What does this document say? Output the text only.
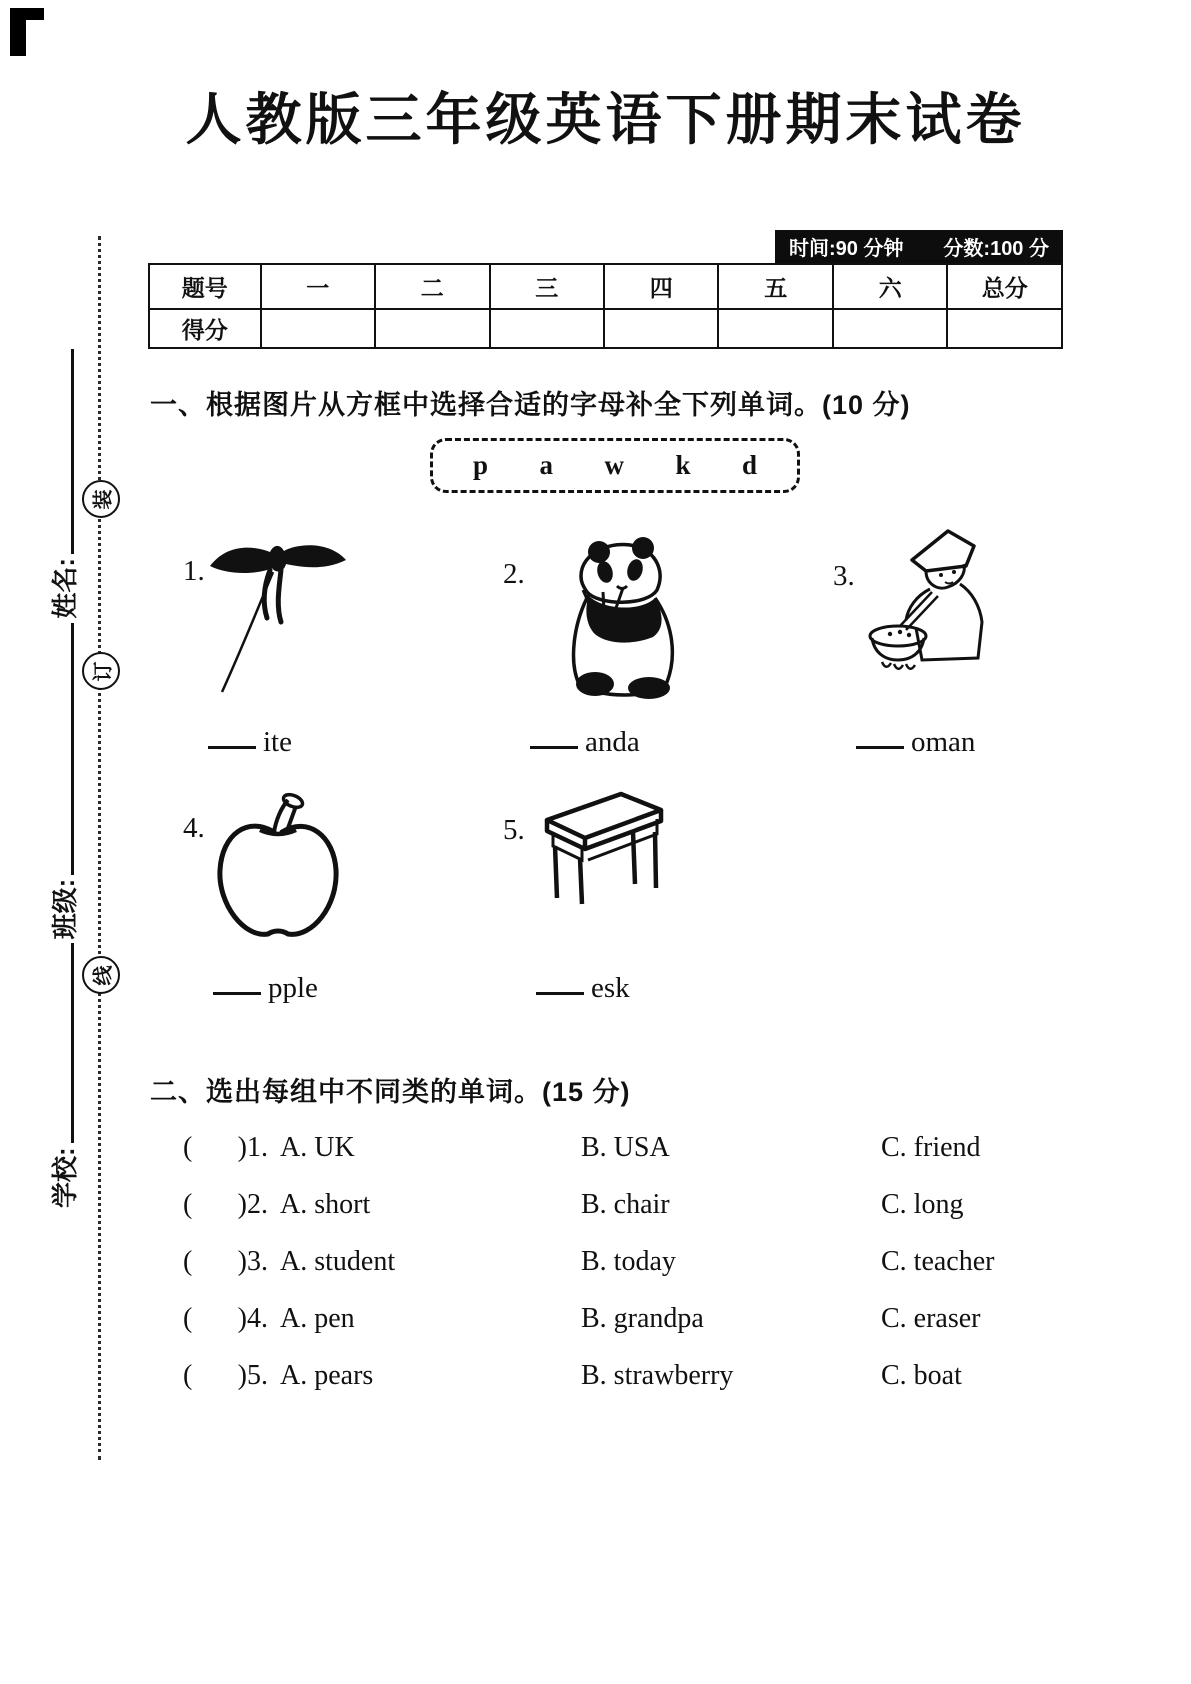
学校:
班级:
姓名:
装
订
线
人教版三年级英语下册期末试卷
时间:90 分钟 分数:100 分
题号	一	二	三	四	五	六	总分
得分							
一、根据图片从方框中选择合适的字母补全下列单词。(10 分)
p a w k d
1.	2.	3.
ite	anda	oman
4.	5.
pple	esk
二、选出每组中不同类的单词。(15 分)
( ) 1. A. UK	B. USA	C. friend
( ) 2. A. short	B. chair	C. long
( ) 3. A. student	B. today	C. teacher
( ) 4. A. pen	B. grandpa	C. eraser
( ) 5. A. pears	B. strawberry	C. boat
